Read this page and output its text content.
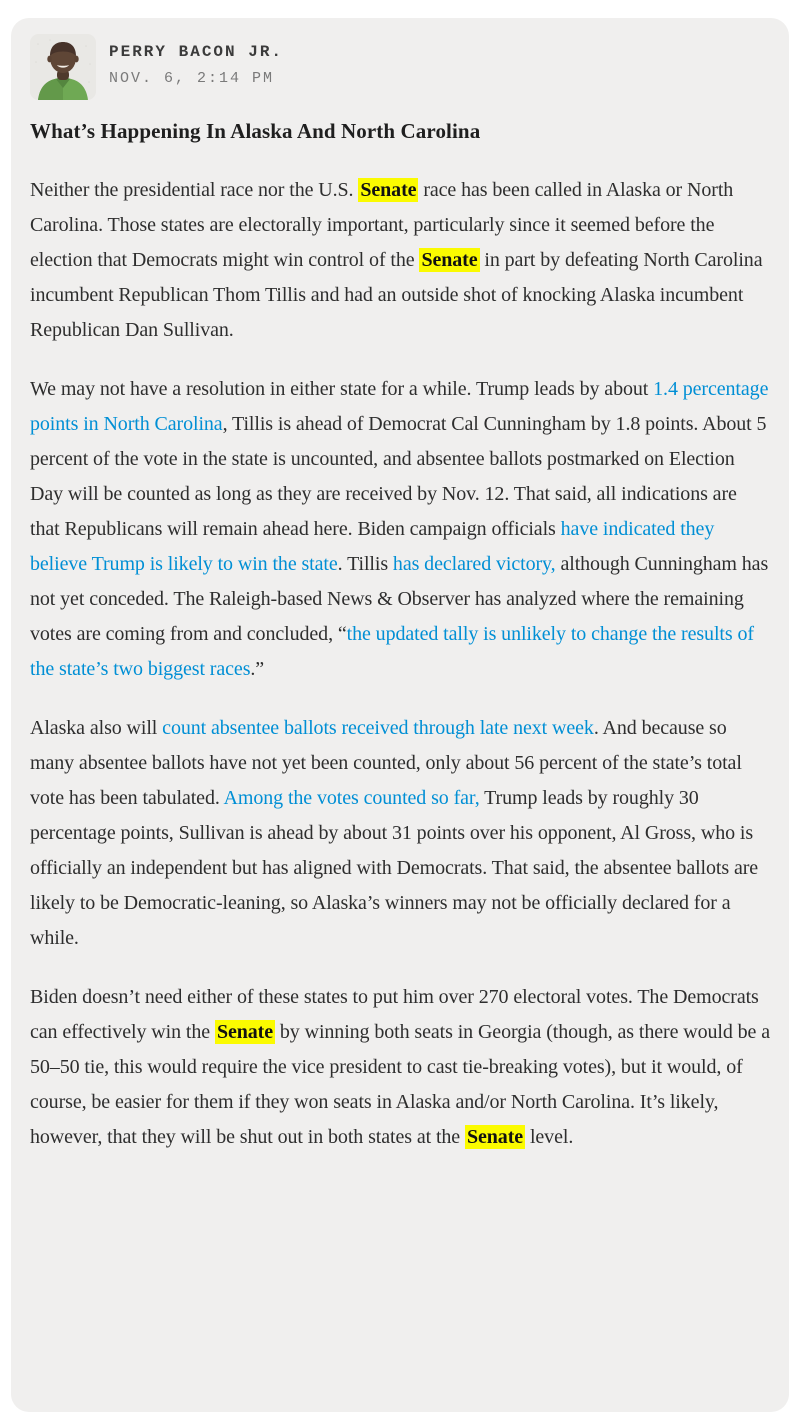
PERRY BACON JR.
NOV. 6, 2:14 PM
What’s Happening In Alaska And North Carolina

Neither the presidential race nor the U.S. Senate race has been called in Alaska or North Carolina. Those states are electorally important, particularly since it seemed before the election that Democrats might win control of the Senate in part by defeating North Carolina incumbent Republican Thom Tillis and had an outside shot of knocking Alaska incumbent Republican Dan Sullivan.

We may not have a resolution in either state for a while. Trump leads by about 1.4 percentage points in North Carolina, Tillis is ahead of Democrat Cal Cunningham by 1.8 points. About 5 percent of the vote in the state is uncounted, and absentee ballots postmarked on Election Day will be counted as long as they are received by Nov. 12. That said, all indications are that Republicans will remain ahead here. Biden campaign officials have indicated they believe Trump is likely to win the state. Tillis has declared victory, although Cunningham has not yet conceded. The Raleigh-based News & Observer has analyzed where the remaining votes are coming from and concluded, “the updated tally is unlikely to change the results of the state’s two biggest races.”

Alaska also will count absentee ballots received through late next week. And because so many absentee ballots have not yet been counted, only about 56 percent of the state’s total vote has been tabulated. Among the votes counted so far, Trump leads by roughly 30 percentage points, Sullivan is ahead by about 31 points over his opponent, Al Gross, who is officially an independent but has aligned with Democrats. That said, the absentee ballots are likely to be Democratic-leaning, so Alaska’s winners may not be officially declared for a while.

Biden doesn’t need either of these states to put him over 270 electoral votes. The Democrats can effectively win the Senate by winning both seats in Georgia (though, as there would be a 50–50 tie, this would require the vice president to cast tie-breaking votes), but it would, of course, be easier for them if they won seats in Alaska and/or North Carolina. It’s likely, however, that they will be shut out in both states at the Senate level.
